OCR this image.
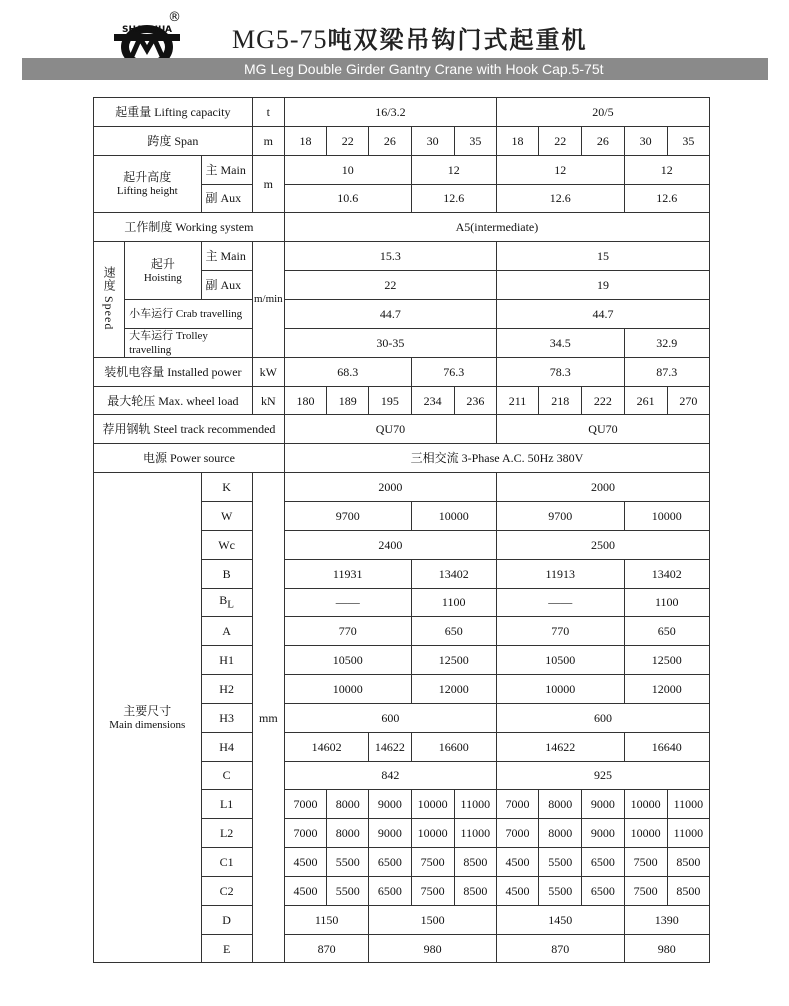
SHANHUA
®
MG5-75吨双梁吊钩门式起重机
MG Leg Double Girder Gantry Crane with Hook Cap.5-75t
起重量 Lifting capacity			t	16/3.2					20/5				
跨度 Span			m	18	22	26	30	35	18	22	26	30	35

起升高度
Lifting height		主 Main	m	10			12		12			12	
		副 Aux		10.6			12.6		12.6			12.6	
工作制度 Working system				A5(intermediate)									
速度 Speed	起升
Hoisting	主 Main	m/min	15.3					15				
		副 Aux		22					19				
	小车运行 Crab travelling			44.7					44.7				
	大车运行 Trolley travelling			30-35					34.5			32.9	
装机电容量 Installed power			kW	68.3			76.3		78.3			87.3	
最大轮压 Max. wheel load			kN	180	189	195	234	236	211	218	222	261	270
荐用钢轨 Steel track recommended				QU70					QU70				
电源 Power source				三相交流 3-Phase A.C. 50Hz 380V									

主要尺寸
Main dimensions		K	mm	2000					2000				
		W		9700			10000		9700			10000	
		Wc		2400					2500				
		B		11931			13402		11913			13402	
		$B_L$		——			1100		——			1100	
		A		770			650		770			650	
		H1		10500			12500		10500			12500	
		H2		10000			12000		10000			12000	
		H3		600					600				
		H4		14602		14622	16600		14622			16640	
		C		842					925				
		L1		7000	8000	9000	10000	11000	7000	8000	9000	10000	11000
		L2		7000	8000	9000	10000	11000	7000	8000	9000	10000	11000
		C1		4500	5500	6500	7500	8500	4500	5500	6500	7500	8500
		C2		4500	5500	6500	7500	8500	4500	5500	6500	7500	8500
		D		1150		1500			1450			1390	
		E		870		980			870			980	
